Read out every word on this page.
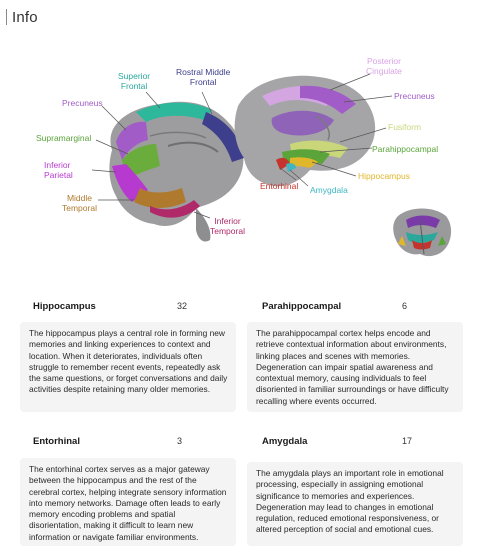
Info
Superior
Frontal
Rostral Middle
Frontal
Precuneus
Supramarginal
Inferior
Parietal
Middle
Temporal
Inferior
Temporal
Posterior
Cingulate
Precuneus
Fusiform
Parahippocampal
Hippocampus
Entorhinal Amygdala
Hippocampus	32
The hippocampus plays a central role in forming new memories and linking experiences to context and location. When it deteriorates, individuals often struggle to remember recent events, repeatedly ask the same questions, or forget conversations and daily activities despite retaining many older memories.
Parahippocampal	6
The parahippocampal cortex helps encode and retrieve contextual information about environments, linking places and scenes with memories. Degeneration can impair spatial awareness and contextual memory, causing individuals to feel disoriented in familiar surroundings or have difficulty recalling where events occurred.
Entorhinal	3
The entorhinal cortex serves as a major gateway between the hippocampus and the rest of the cerebral cortex, helping integrate sensory information into memory networks. Damage often leads to early memory encoding problems and spatial disorientation, making it difficult to learn new information or navigate familiar environments.
Amygdala	17
The amygdala plays an important role in emotional processing, especially in assigning emotional significance to memories and experiences. Degeneration may lead to changes in emotional regulation, reduced emotional responsiveness, or altered perception of social and emotional cues.
